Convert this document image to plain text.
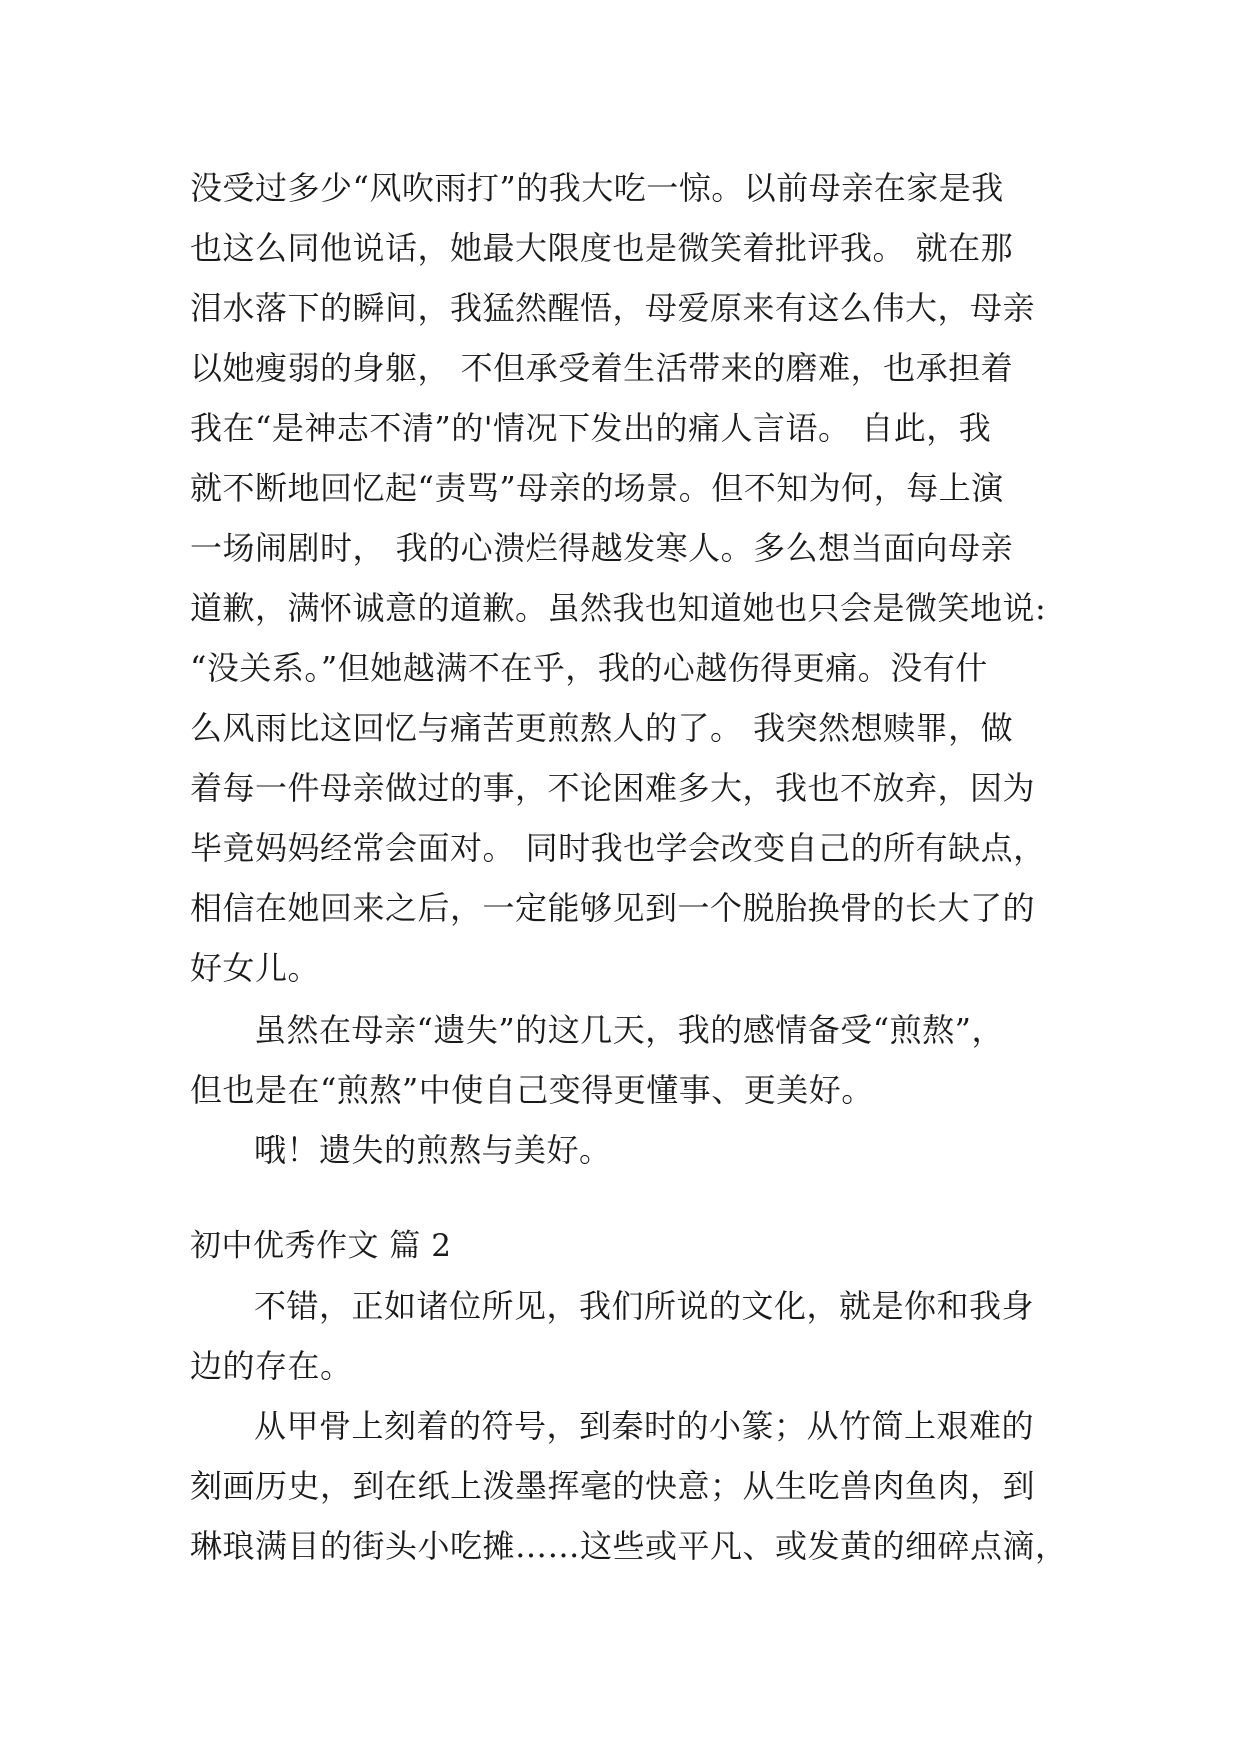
没受过多少“风吹雨打”的我大吃一惊。以前母亲在家是我
也这么同他说话，她最大限度也是微笑着批评我。 就在那
泪水落下的瞬间，我猛然醒悟，母爱原来有这么伟大，母亲
以她瘦弱的身躯， 不但承受着生活带来的磨难，也承担着
我在“是神志不清”的'情况下发出的痛人言语。 自此，我
就不断地回忆起“责骂”母亲的场景。但不知为何，每上演
一场闹剧时， 我的心溃烂得越发寒人。多么想当面向母亲
道歉，满怀诚意的道歉。虽然我也知道她也只会是微笑地说:
“没关系。”但她越满不在乎，我的心越伤得更痛。没有什
么风雨比这回忆与痛苦更煎熬人的了。 我突然想赎罪，做
着每一件母亲做过的事，不论困难多大，我也不放弃，因为
毕竟妈妈经常会面对。 同时我也学会改变自己的所有缺点，
相信在她回来之后，一定能够见到一个脱胎换骨的长大了的
好女儿。
虽然在母亲“遗失”的这几天，我的感情备受“煎熬”，
但也是在“煎熬”中使自己变得更懂事、更美好。
哦！遗失的煎熬与美好。
初中优秀作文 篇 2
不错，正如诸位所见，我们所说的文化，就是你和我身
边的存在。
从甲骨上刻着的符号，到秦时的小篆；从竹简上艰难的
刻画历史，到在纸上泼墨挥毫的快意；从生吃兽肉鱼肉，到
琳琅满目的街头小吃摊……这些或平凡、或发黄的细碎点滴，
